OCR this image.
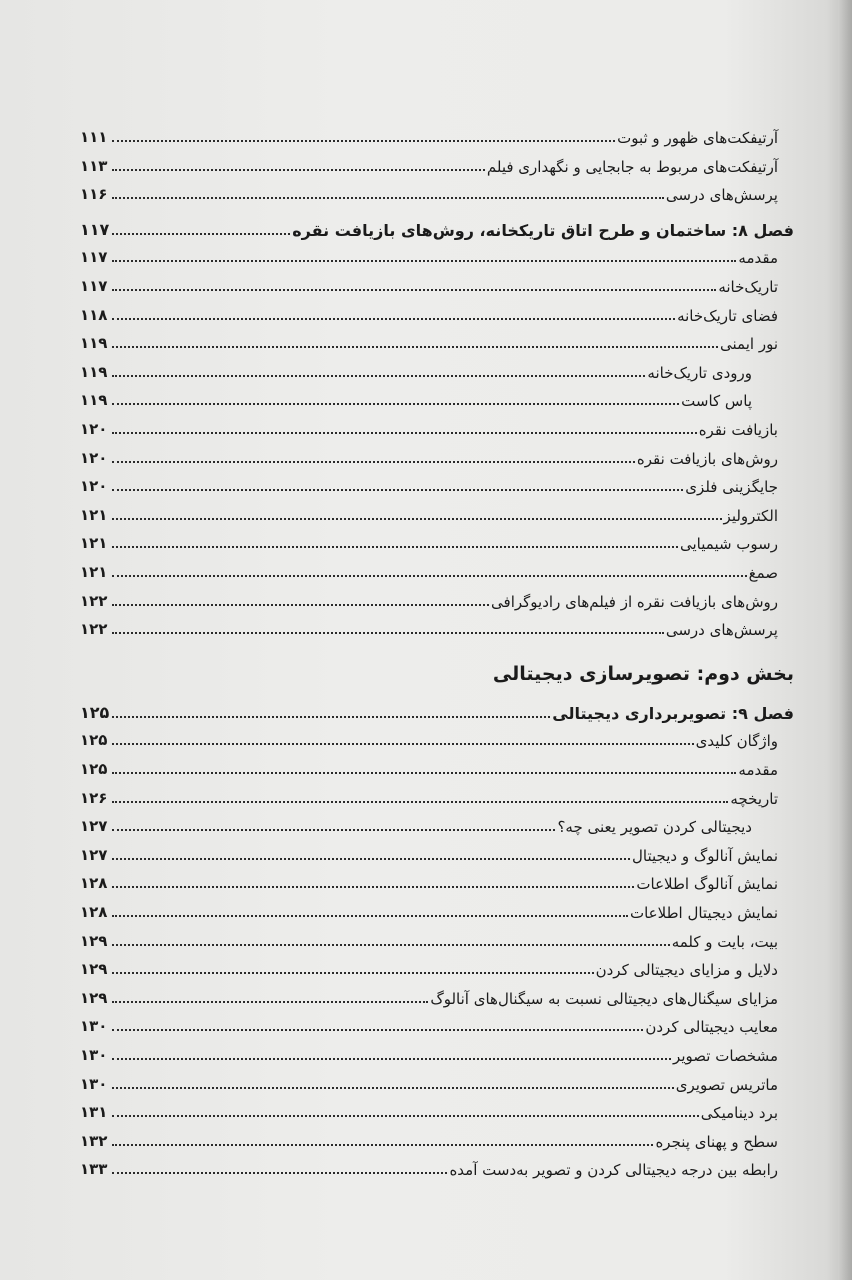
آرتیفکت‌های ظهور و ثبوت
۱۱۱
آرتیفکت‌های مربوط به جابجایی و نگهداری فیلم
۱۱۳
پرسش‌های درسی
۱۱۶
فصل ۸: ساختمان و طرح اتاق تاریکخانه، روش‌های بازیافت نقره
۱۱۷
مقدمه
۱۱۷
تاریک‌خانه
۱۱۷
فضای تاریک‌خانه
۱۱۸
نور ایمنی
۱۱۹
ورودی تاریک‌خانه
۱۱۹
پاس کاست
۱۱۹
بازیافت نقره
۱۲۰
روش‌های بازیافت نقره
۱۲۰
جایگزینی فلزی
۱۲۰
الکترولیز
۱۲۱
رسوب شیمیایی
۱۲۱
صمغ
۱۲۱
روش‌های بازیافت نقره از فیلم‌های رادیوگرافی
۱۲۲
پرسش‌های درسی
۱۲۲
بخش دوم: تصویرسازی دیجیتالی
فصل ۹: تصویربرداری دیجیتالی
۱۲۵
واژگان کلیدی
۱۲۵
مقدمه
۱۲۵
تاریخچه
۱۲۶
دیجیتالی کردن تصویر یعنی چه؟
۱۲۷
نمایش آنالوگ و دیجیتال
۱۲۷
نمایش آنالوگ اطلاعات
۱۲۸
نمایش دیجیتال اطلاعات
۱۲۸
بیت، بایت و کلمه
۱۲۹
دلایل و مزایای دیجیتالی کردن
۱۲۹
مزایای سیگنال‌های دیجیتالی نسبت به سیگنال‌های آنالوگ
۱۲۹
معایب دیجیتالی کردن
۱۳۰
مشخصات تصویر
۱۳۰
ماتریس تصویری
۱۳۰
برد دینامیکی
۱۳۱
سطح و پهنای پنجره
۱۳۲
رابطه بین درجه دیجیتالی کردن و تصویر به‌دست آمده
۱۳۳
